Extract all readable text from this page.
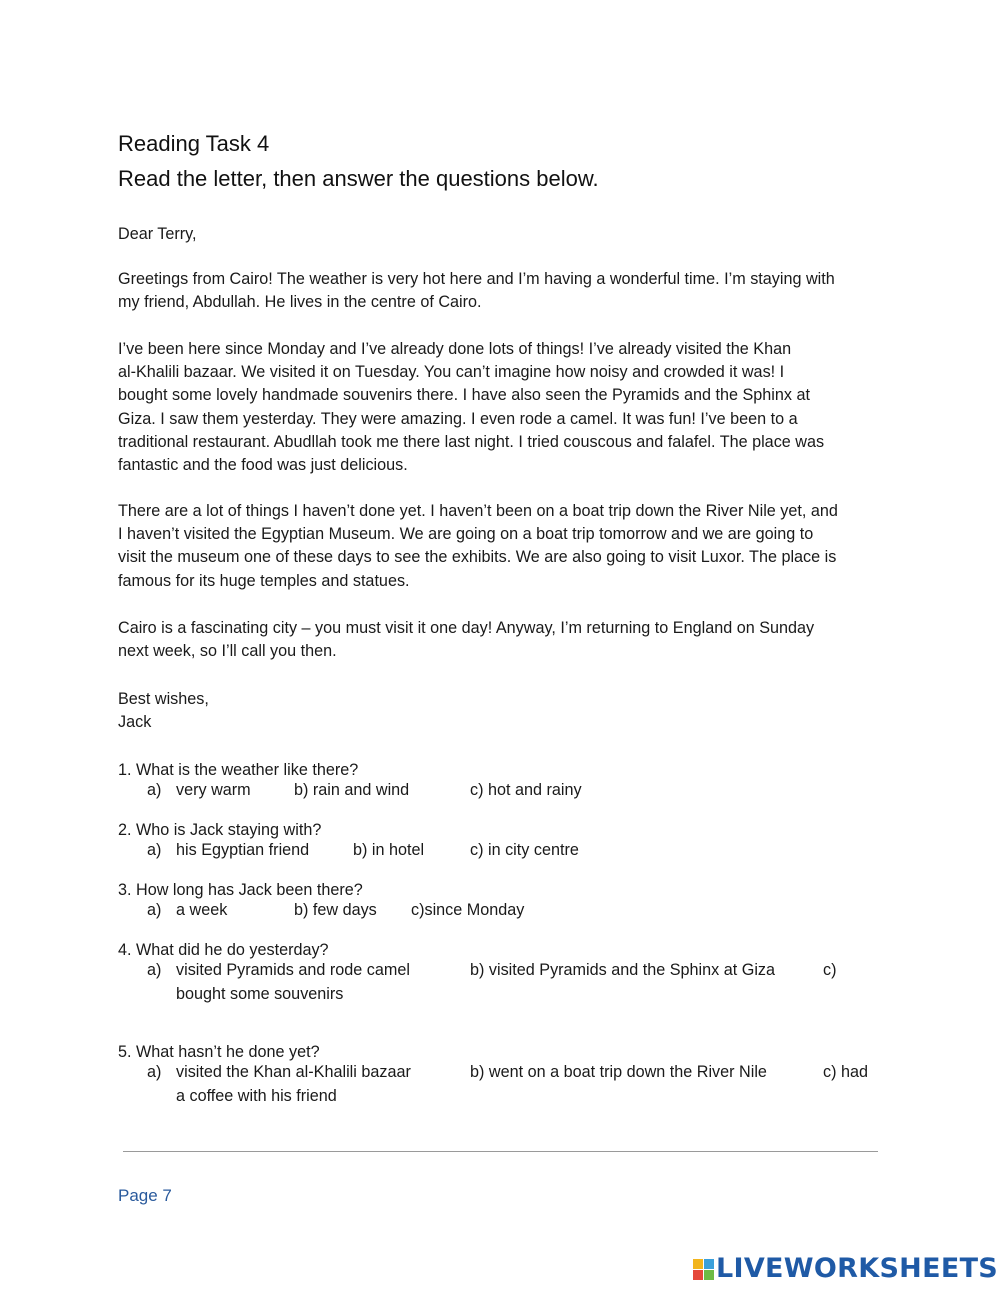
Reading Task 4
Read the letter, then answer the questions below.
Dear Terry,
Greetings from Cairo! The weather is very hot here and I’m having a wonderful time. I’m staying with
my friend, Abdullah. He lives in the centre of Cairo.
I’ve been here since Monday and I’ve already done lots of things! I’ve already visited the Khan
al-Khalili bazaar. We visited it on Tuesday. You can’t imagine how noisy and crowded it was! I
bought some lovely handmade souvenirs there. I have also seen the Pyramids and the Sphinx at
Giza. I saw them yesterday. They were amazing. I even rode a camel. It was fun! I’ve been to a
traditional restaurant. Abudllah took me there last night. I tried couscous and falafel. The place was
fantastic and the food was just delicious.
There are a lot of things I haven’t done yet. I haven’t been on a boat trip down the River Nile yet, and
I haven’t visited the Egyptian Museum. We are going on a boat trip tomorrow and we are going to
visit the museum one of these days to see the exhibits. We are also going to visit Luxor. The place is
famous for its huge temples and statues.
Cairo is a fascinating city – you must visit it one day! Anyway, I’m returning to England on Sunday
next week, so I’ll call you then.
Best wishes,
Jack
1. What is the weather like there?
a) very warm	b) rain and wind	c) hot and rainy
2. Who is Jack staying with?
a) his Egyptian friend	b) in hotel	c) in city centre
3. How long has Jack been there?
a) a week	b) few days c)since Monday
4. What did he do yesterday?
a) visited Pyramids and rode camel	b) visited Pyramids and the Sphinx at Giza	c)
bought some souvenirs
5. What hasn’t he done yet?
a) visited the Khan al-Khalili bazaar	b) went on a boat trip down the River Nile	c) had
a coffee with his friend
Page 7
LIVEWORKSHEETS
